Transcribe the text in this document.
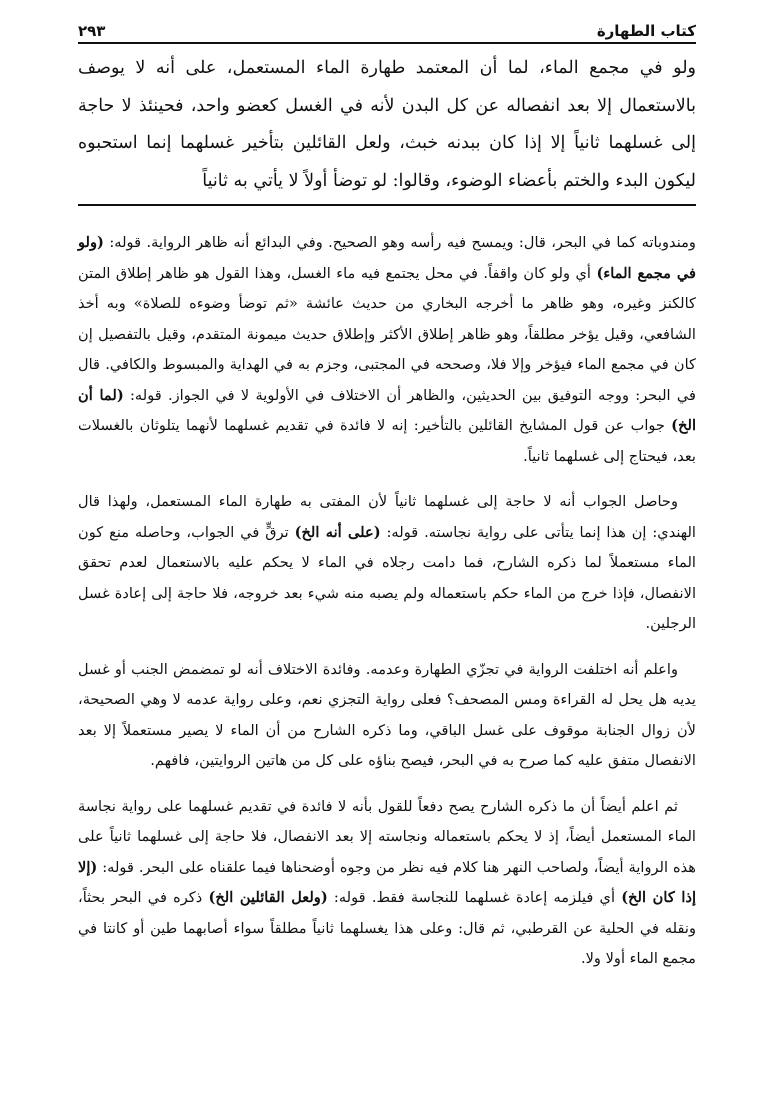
كتاب الطهارة
٢٩٣

ولو في مجمع الماء، لما أن المعتمد طهارة الماء المستعمل، على أنه لا يوصف بالاستعمال إلا بعد انفصاله عن كل البدن لأنه في الغسل كعضو واحد، فحينئذ لا حاجة إلى غسلهما ثانياً إلا إذا كان ببدنه خبث، ولعل القائلين بتأخير غسلهما إنما استحبوه ليكون البدء والختم بأعضاء الوضوء، وقالوا: لو توضأ أولاً لا يأتي به ثانياً

ومندوباته كما في البحر، قال: ويمسح فيه رأسه وهو الصحيح. وفي البدائع أنه ظاهر الرواية. قوله: (ولو في مجمع الماء) أي ولو كان واقفاً. في محل يجتمع فيه ماء الغسل، وهذا القول هو ظاهر إطلاق المتن كالكنز وغيره، وهو ظاهر ما أخرجه البخاري من حديث عائشة «ثم توضأ وضوءه للصلاة» وبه أخذ الشافعي، وقيل يؤخر مطلقاً، وهو ظاهر إطلاق الأكثر وإطلاق حديث ميمونة المتقدم، وقيل بالتفصيل إن كان في مجمع الماء فيؤخر وإلا فلا، وصححه في المجتبى، وجزم به في الهداية والمبسوط والكافي. قال في البحر: ووجه التوفيق بين الحديثين، والظاهر أن الاختلاف في الأولوية لا في الجواز. قوله: (لما أن الخ) جواب عن قول المشايخ القائلين بالتأخير: إنه لا فائدة في تقديم غسلهما لأنهما يتلوثان بالغسلات بعد، فيحتاج إلى غسلهما ثانياً.

وحاصل الجواب أنه لا حاجة إلى غسلهما ثانياً لأن المفتى به طهارة الماء المستعمل، ولهذا قال الهندي: إن هذا إنما يتأتى على رواية نجاسته. قوله: (على أنه الخ) ترقٍّ في الجواب، وحاصله منع كون الماء مستعملاً لما ذكره الشارح، فما دامت رجلاه في الماء لا يحكم عليه بالاستعمال لعدم تحقق الانفصال، فإذا خرج من الماء حكم باستعماله ولم يصبه منه شيء بعد خروجه، فلا حاجة إلى إعادة غسل الرجلين.

واعلم أنه اختلفت الرواية في تجزّي الطهارة وعدمه. وفائدة الاختلاف أنه لو تمضمض الجنب أو غسل يديه هل يحل له القراءة ومس المصحف؟ فعلى رواية التجزي نعم، وعلى رواية عدمه لا وهي الصحيحة، لأن زوال الجنابة موقوف على غسل الباقي، وما ذكره الشارح من أن الماء لا يصير مستعملاً إلا بعد الانفصال متفق عليه كما صرح به في البحر، فيصح بناؤه على كل من هاتين الروايتين، فافهم.

ثم اعلم أيضاً أن ما ذكره الشارح يصح دفعاً للقول بأنه لا فائدة في تقديم غسلهما على رواية نجاسة الماء المستعمل أيضاً، إذ لا يحكم باستعماله ونجاسته إلا بعد الانفصال، فلا حاجة إلى غسلهما ثانياً على هذه الرواية أيضاً، ولصاحب النهر هنا كلام فيه نظر من وجوه أوضحناها فيما علقناه على البحر. قوله: (إلا إذا كان الخ) أي فيلزمه إعادة غسلهما للنجاسة فقط. قوله: (ولعل القائلين الخ) ذكره في البحر بحثاً، ونقله في الحلية عن القرطبي، ثم قال: وعلى هذا يغسلهما ثانياً مطلقاً سواء أصابهما طين أو كانتا في مجمع الماء أولا ولا.
